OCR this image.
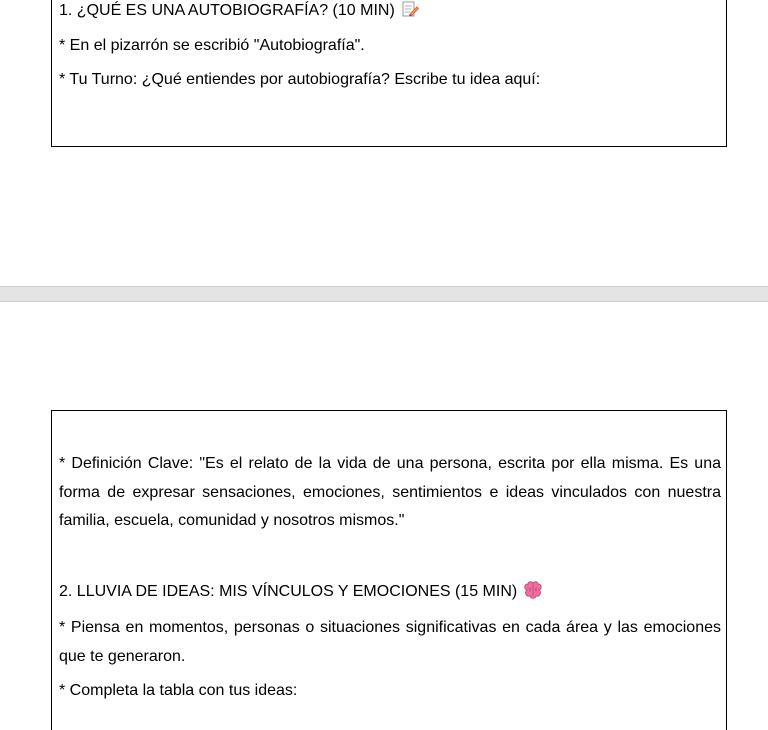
1. ¿QUÉ ES UNA AUTOBIOGRAFÍA? (10 MIN)
* En el pizarrón se escribió "Autobiografía".
* Tu Turno: ¿Qué entiendes por autobiografía? Escribe tu idea aquí:
* Definición Clave: "Es el relato de la vida de una persona, escrita por ella misma. Es una forma de expresar sensaciones, emociones, sentimientos e ideas vinculados con nuestra familia, escuela, comunidad y nosotros mismos."
2. LLUVIA DE IDEAS: MIS VÍNCULOS Y EMOCIONES (15 MIN)
* Piensa en momentos, personas o situaciones significativas en cada área y las emociones que te generaron.
* Completa la tabla con tus ideas:
